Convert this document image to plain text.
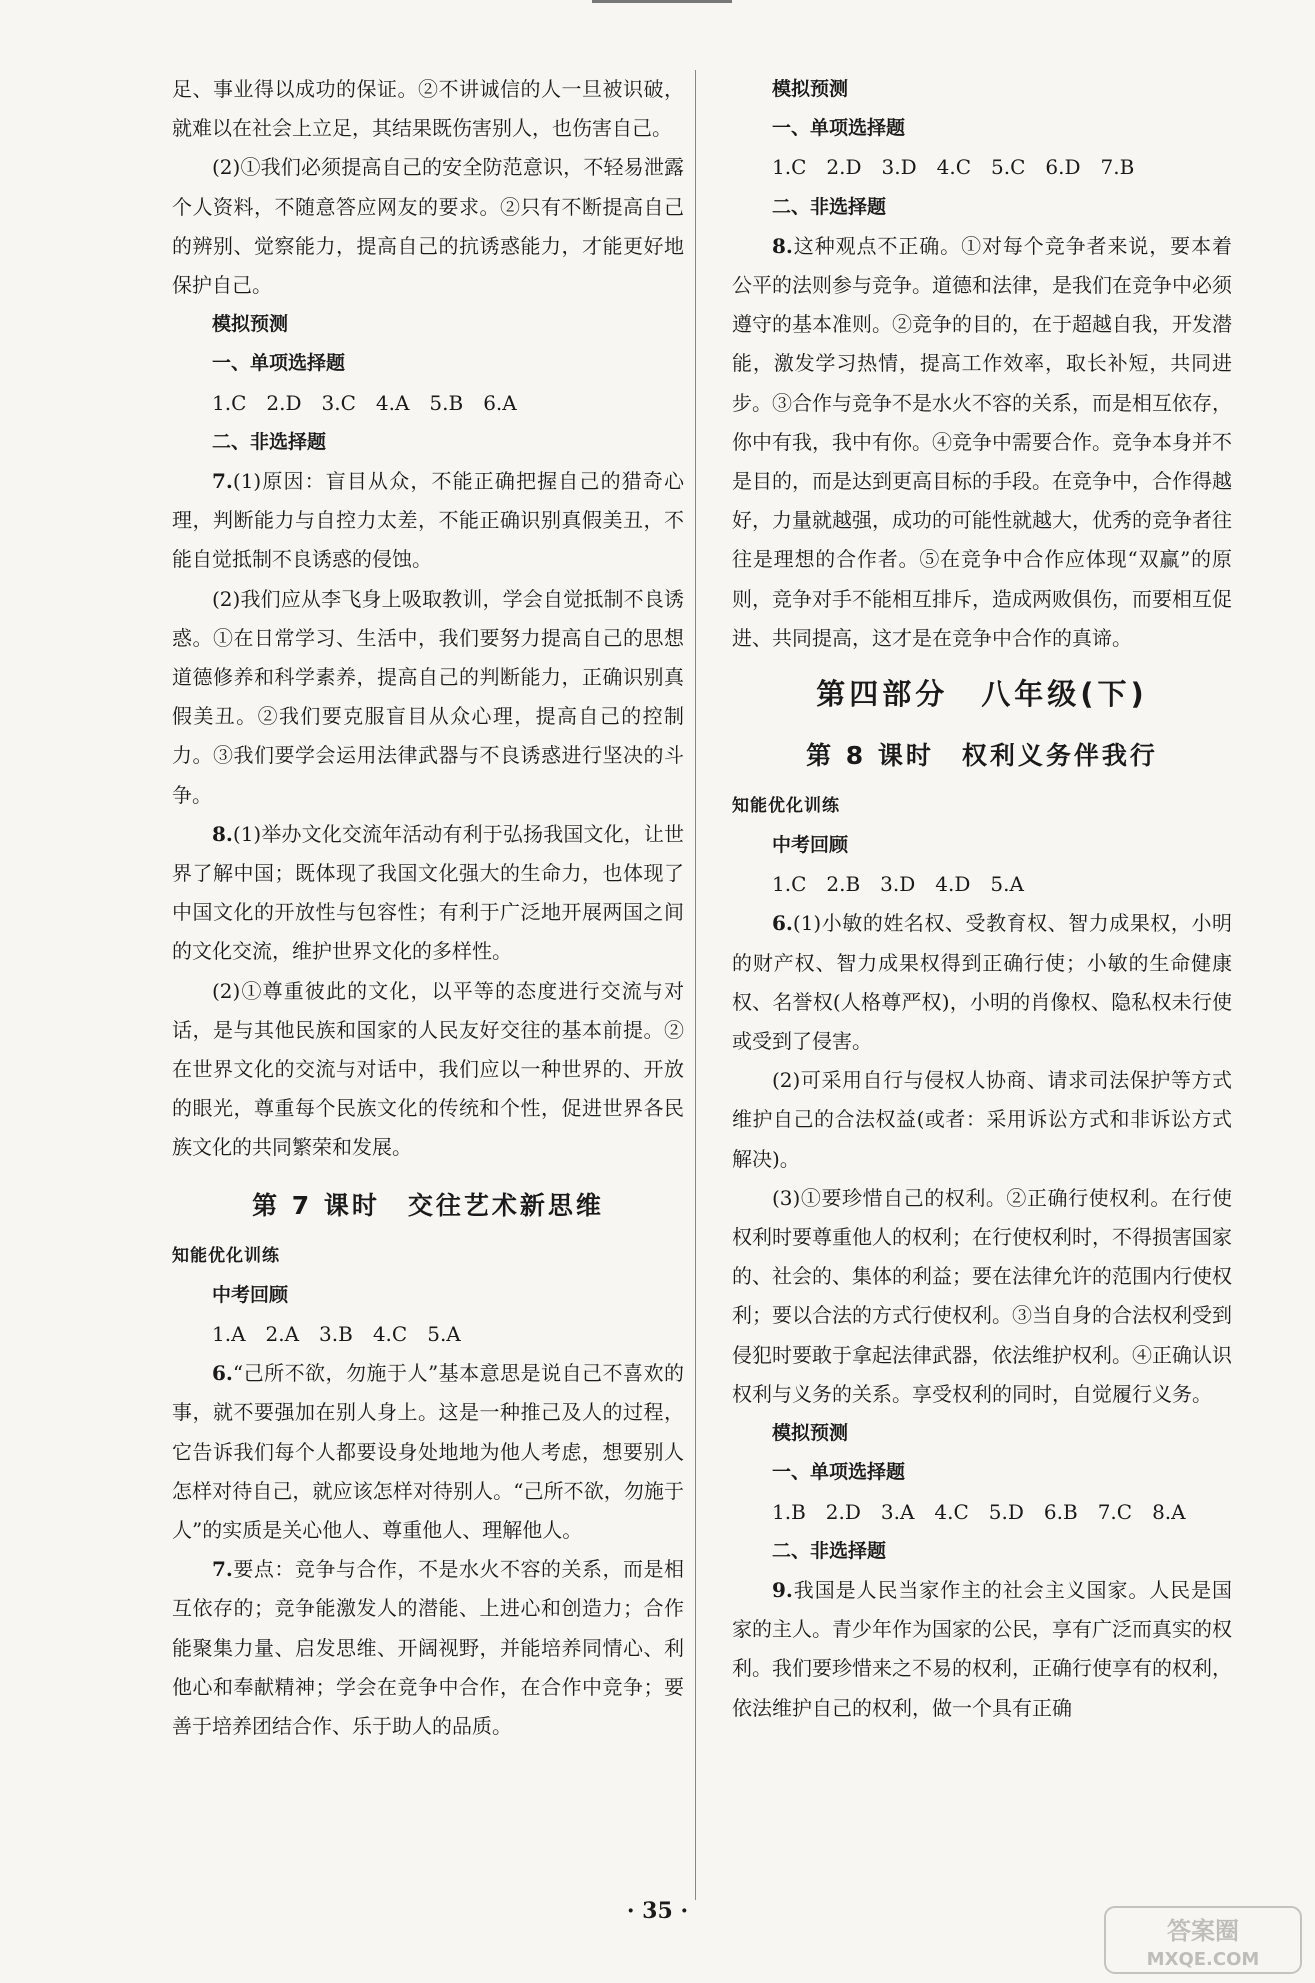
足、事业得以成功的保证。②不讲诚信的人一旦被识破，就难以在社会上立足，其结果既伤害别人，也伤害自己。

(2)①我们必须提高自己的安全防范意识，不轻易泄露个人资料，不随意答应网友的要求。②只有不断提高自己的辨别、觉察能力，提高自己的抗诱惑能力，才能更好地保护自己。

模拟预测
一、单项选择题
1.C　2.D　3.C　4.A　5.B　6.A
二、非选择题

7.(1)原因：盲目从众，不能正确把握自己的猎奇心理，判断能力与自控力太差，不能正确识别真假美丑，不能自觉抵制不良诱惑的侵蚀。

(2)我们应从李飞身上吸取教训，学会自觉抵制不良诱惑。①在日常学习、生活中，我们要努力提高自己的思想道德修养和科学素养，提高自己的判断能力，正确识别真假美丑。②我们要克服盲目从众心理，提高自己的控制力。③我们要学会运用法律武器与不良诱惑进行坚决的斗争。

8.(1)举办文化交流年活动有利于弘扬我国文化，让世界了解中国；既体现了我国文化强大的生命力，也体现了中国文化的开放性与包容性；有利于广泛地开展两国之间的文化交流，维护世界文化的多样性。

(2)①尊重彼此的文化，以平等的态度进行交流与对话，是与其他民族和国家的人民友好交往的基本前提。②在世界文化的交流与对话中，我们应以一种世界的、开放的眼光，尊重每个民族文化的传统和个性，促进世界各民族文化的共同繁荣和发展。

第 7 课时　交往艺术新思维
知能优化训练
中考回顾
1.A　2.A　3.B　4.C　5.A

6.“己所不欲，勿施于人”基本意思是说自己不喜欢的事，就不要强加在别人身上。这是一种推己及人的过程，它告诉我们每个人都要设身处地地为他人考虑，想要别人怎样对待自己，就应该怎样对待别人。“己所不欲，勿施于人”的实质是关心他人、尊重他人、理解他人。

7.要点：竞争与合作，不是水火不容的关系，而是相互依存的；竞争能激发人的潜能、上进心和创造力；合作能聚集力量、启发思维、开阔视野，并能培养同情心、利他心和奉献精神；学会在竞争中合作，在合作中竞争；要善于培养团结合作、乐于助人的品质。

模拟预测
一、单项选择题
1.C　2.D　3.D　4.C　5.C　6.D　7.B
二、非选择题

8.这种观点不正确。①对每个竞争者来说，要本着公平的法则参与竞争。道德和法律，是我们在竞争中必须遵守的基本准则。②竞争的目的，在于超越自我，开发潜能，激发学习热情，提高工作效率，取长补短，共同进步。③合作与竞争不是水火不容的关系，而是相互依存，你中有我，我中有你。④竞争中需要合作。竞争本身并不是目的，而是达到更高目标的手段。在竞争中，合作得越好，力量就越强，成功的可能性就越大，优秀的竞争者往往是理想的合作者。⑤在竞争中合作应体现“双赢”的原则，竞争对手不能相互排斥，造成两败俱伤，而要相互促进、共同提高，这才是在竞争中合作的真谛。

第四部分　八年级(下)
第 8 课时　权利义务伴我行
知能优化训练
中考回顾
1.C　2.B　3.D　4.D　5.A

6.(1)小敏的姓名权、受教育权、智力成果权，小明的财产权、智力成果权得到正确行使；小敏的生命健康权、名誉权(人格尊严权)，小明的肖像权、隐私权未行使或受到了侵害。

(2)可采用自行与侵权人协商、请求司法保护等方式维护自己的合法权益(或者：采用诉讼方式和非诉讼方式解决)。

(3)①要珍惜自己的权利。②正确行使权利。在行使权利时要尊重他人的权利；在行使权利时，不得损害国家的、社会的、集体的利益；要在法律允许的范围内行使权利；要以合法的方式行使权利。③当自身的合法权利受到侵犯时要敢于拿起法律武器，依法维护权利。④正确认识权利与义务的关系。享受权利的同时，自觉履行义务。

模拟预测
一、单项选择题
1.B　2.D　3.A　4.C　5.D　6.B　7.C　8.A
二、非选择题

9.我国是人民当家作主的社会主义国家。人民是国家的主人。青少年作为国家的公民，享有广泛而真实的权利。我们要珍惜来之不易的权利，正确行使享有的权利，依法维护自己的权利，做一个具有正确

· 35 ·
答案圈
MXQE.COM
